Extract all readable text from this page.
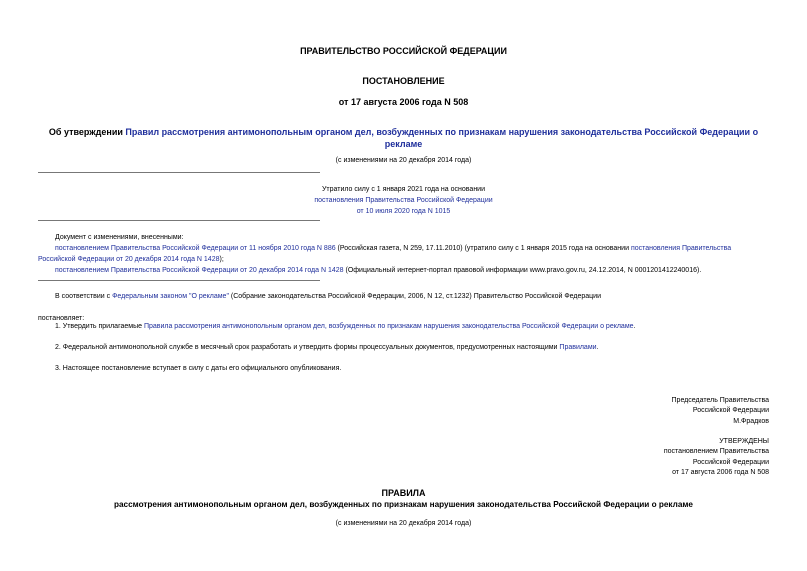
ПРАВИТЕЛЬСТВО РОССИЙСКОЙ ФЕДЕРАЦИИ
ПОСТАНОВЛЕНИЕ
от 17 августа 2006 года N 508
Об утверждении Правил рассмотрения антимонопольным органом дел, возбужденных по признакам нарушения законодательства Российской Федерации о
рекламе
(с изменениями на 20 декабря 2014 года)
Утратило силу с 1 января 2021 года на основании
постановления Правительства Российской Федерации
от 10 июля 2020 года N 1015
Документ с изменениями, внесенными:
постановлением Правительства Российской Федерации от 11 ноября 2010 года N 886 (Российская газета, N 259, 17.11.2010) (утратило силу с 1 января 2015 года на основании постановления Правительства
Российской Федерации от 20 декабря 2014 года N 1428);
постановлением Правительства Российской Федерации от 20 декабря 2014 года N 1428 (Официальный интернет-портал правовой информации www.pravo.gov.ru, 24.12.2014, N 0001201412240016).
В соответствии с Федеральным законом "О рекламе" (Собрание законодательства Российской Федерации, 2006, N 12, ст.1232) Правительство Российской Федерации
постановляет:
1. Утвердить прилагаемые Правила рассмотрения антимонопольным органом дел, возбужденных по признакам нарушения законодательства Российской Федерации о рекламе.
2. Федеральной антимонопольной службе в месячный срок разработать и утвердить формы процессуальных документов, предусмотренных настоящими Правилами.
3. Настоящее постановление вступает в силу с даты его официального опубликования.
Председатель Правительства
Российской Федерации
М.Фрадков
УТВЕРЖДЕНЫ
постановлением Правительства
Российской Федерации
от 17 августа 2006 года N 508
ПРАВИЛА
рассмотрения антимонопольным органом дел, возбужденных по признакам нарушения законодательства Российской Федерации о рекламе
(с изменениями на 20 декабря 2014 года)
